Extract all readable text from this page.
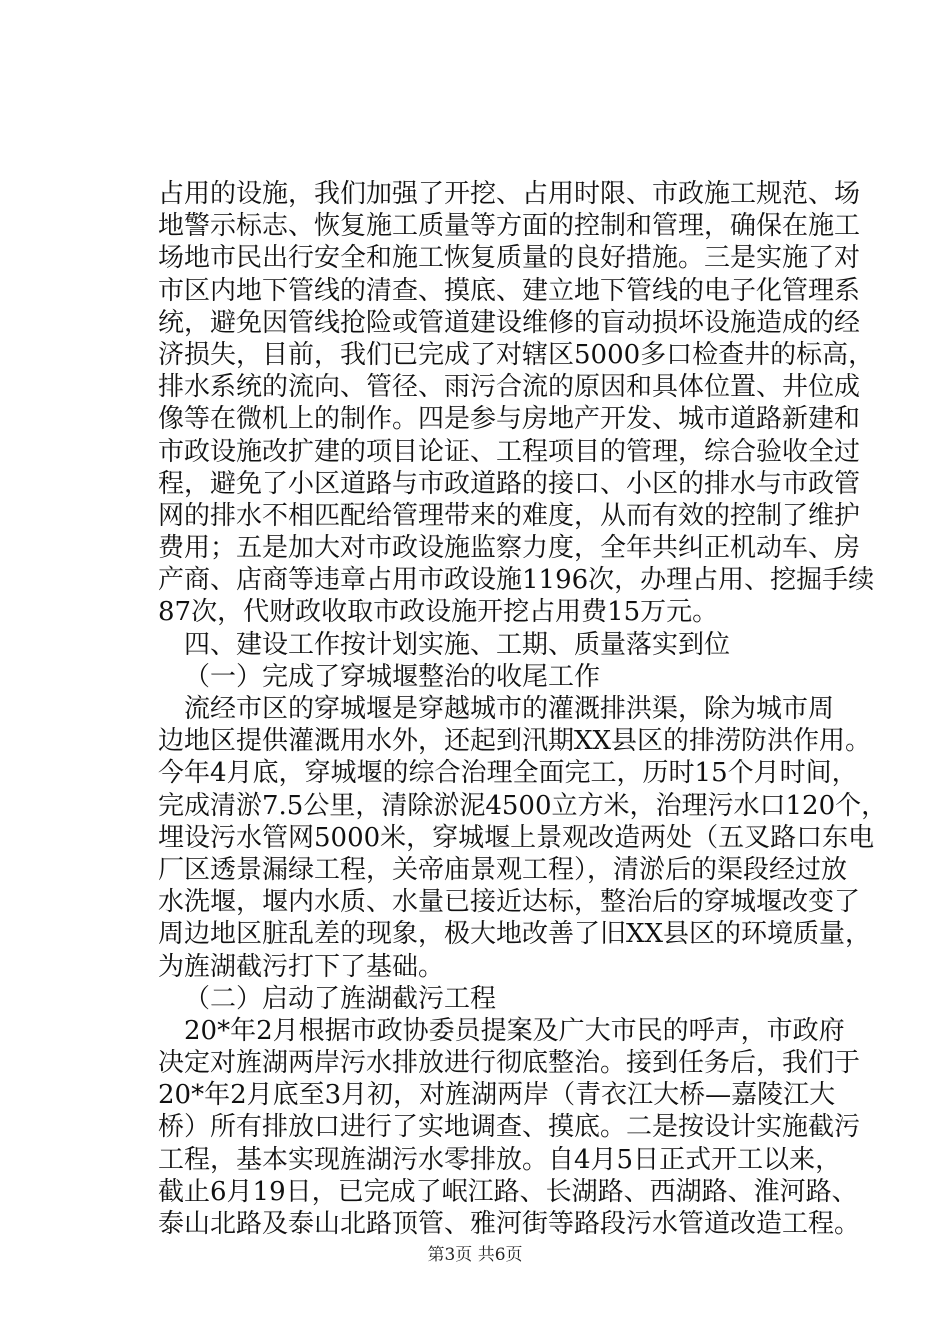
占用的设施，我们加强了开挖、占用时限、市政施工规范、场
地警示标志、恢复施工质量等方面的控制和管理，确保在施工
场地市民出行安全和施工恢复质量的良好措施。三是实施了对
市区内地下管线的清查、摸底、建立地下管线的电子化管理系
统，避免因管线抢险或管道建设维修的盲动损坏设施造成的经
济损失，目前，我们已完成了对辖区5000多口检查井的标高，
排水系统的流向、管径、雨污合流的原因和具体位置、井位成
像等在微机上的制作。四是参与房地产开发、城市道路新建和
市政设施改扩建的项目论证、工程项目的管理，综合验收全过
程，避免了小区道路与市政道路的接口、小区的排水与市政管
网的排水不相匹配给管理带来的难度，从而有效的控制了维护
费用；五是加大对市政设施监察力度，全年共纠正机动车、房
产商、店商等违章占用市政设施1196次，办理占用、挖掘手续
87次，代财政收取市政设施开挖占用费15万元。
四、建设工作按计划实施、工期、质量落实到位
（一）完成了穿城堰整治的收尾工作
流经市区的穿城堰是穿越城市的灌溉排洪渠，除为城市周
边地区提供灌溉用水外，还起到汛期XX县区的排涝防洪作用。
今年4月底，穿城堰的综合治理全面完工，历时15个月时间，
完成清淤7.5公里，清除淤泥4500立方米，治理污水口120个，
埋设污水管网5000米，穿城堰上景观改造两处（五叉路口东电
厂区透景漏绿工程，关帝庙景观工程），清淤后的渠段经过放
水洗堰，堰内水质、水量已接近达标，整治后的穿城堰改变了
周边地区脏乱差的现象，极大地改善了旧XX县区的环境质量，
为旌湖截污打下了基础。
（二）启动了旌湖截污工程
20*年2月根据市政协委员提案及广大市民的呼声，市政府
决定对旌湖两岸污水排放进行彻底整治。接到任务后，我们于
20*年2月底至3月初，对旌湖两岸（青衣江大桥—嘉陵江大
桥）所有排放口进行了实地调查、摸底。二是按设计实施截污
工程，基本实现旌湖污水零排放。自4月5日正式开工以来，
截止6月19日，已完成了岷江路、长湖路、西湖路、淮河路、
泰山北路及泰山北路顶管、雅河街等路段污水管道改造工程。
第3页 共6页
